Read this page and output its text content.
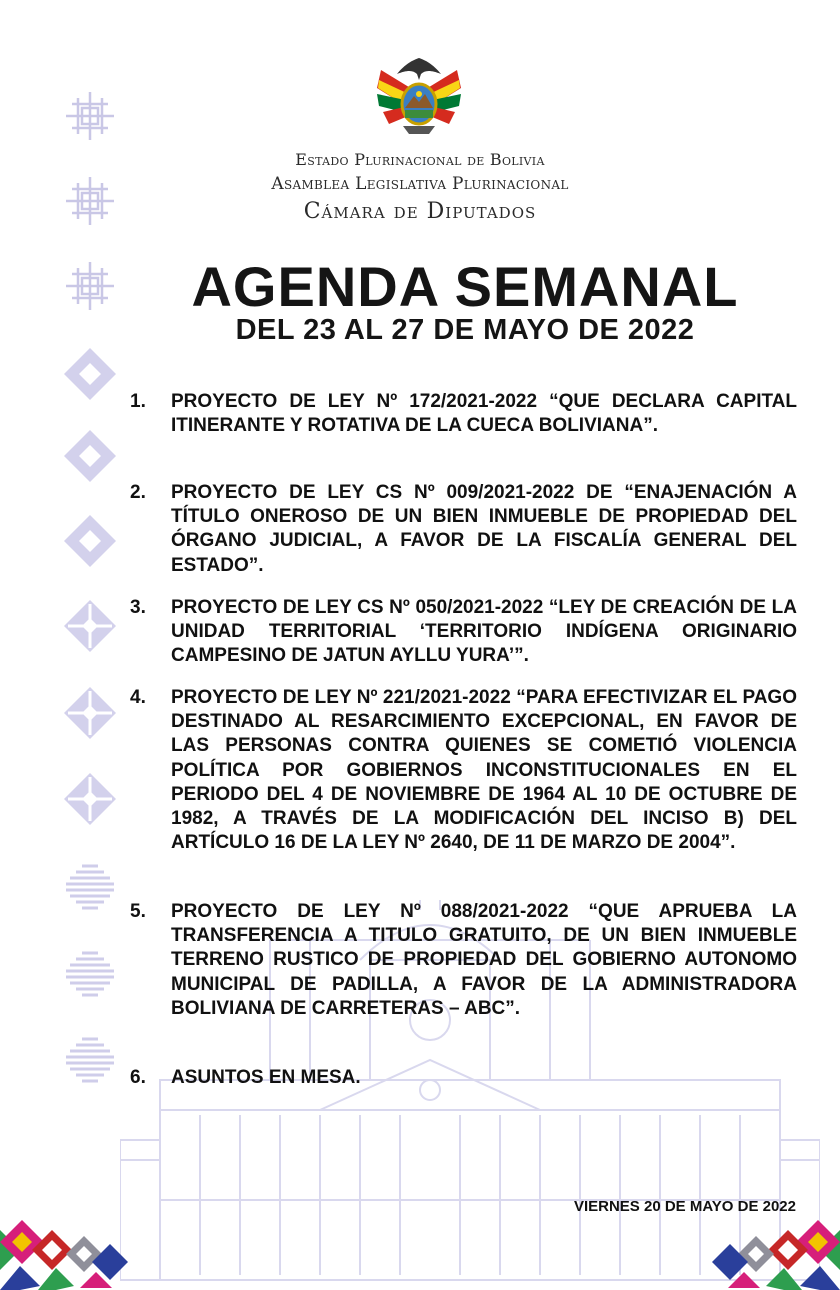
Estado Plurinacional de Bolivia
Asamblea Legislativa Plurinacional
Cámara de Diputados
AGENDA SEMANAL
DEL 23 AL 27 DE MAYO DE 2022
1.	PROYECTO DE LEY Nº 172/2021-2022 “QUE DECLARA CAPITAL ITINERANTE Y ROTATIVA DE LA CUECA BOLIVIANA”.
2.	PROYECTO DE LEY CS Nº 009/2021-2022 DE “ENAJENACIÓN A TÍTULO ONEROSO DE UN BIEN INMUEBLE DE PROPIEDAD DEL ÓRGANO JUDICIAL, A FAVOR DE LA FISCALÍA GENERAL DEL ESTADO”.
3.	PROYECTO DE LEY CS Nº 050/2021-2022 “LEY DE CREACIÓN DE LA UNIDAD TERRITORIAL ‘TERRITORIO INDÍGENA ORIGINARIO CAMPESINO DE JATUN AYLLU YURA’”.
4.	PROYECTO DE LEY Nº 221/2021-2022 “PARA EFECTIVIZAR EL PAGO DESTINADO AL RESARCIMIENTO EXCEPCIONAL, EN FAVOR DE LAS PERSONAS CONTRA QUIENES SE COMETIÓ VIOLENCIA POLÍTICA POR GOBIERNOS INCONSTITUCIONALES EN EL PERIODO DEL 4 DE NOVIEMBRE DE 1964 AL 10 DE OCTUBRE DE 1982, A TRAVÉS DE LA MODIFICACIÓN DEL INCISO B) DEL ARTÍCULO 16 DE LA LEY Nº 2640, DE 11 DE MARZO DE 2004”.
5.	PROYECTO DE LEY Nº 088/2021-2022 “QUE APRUEBA LA TRANSFERENCIA A TITULO GRATUITO, DE UN BIEN INMUEBLE TERRENO RUSTICO DE PROPIEDAD DEL GOBIERNO AUTONOMO MUNICIPAL DE PADILLA, A FAVOR DE LA ADMINISTRADORA BOLIVIANA DE CARRETERAS – ABC”.
6.	ASUNTOS EN MESA.
VIERNES 20 DE MAYO DE 2022
